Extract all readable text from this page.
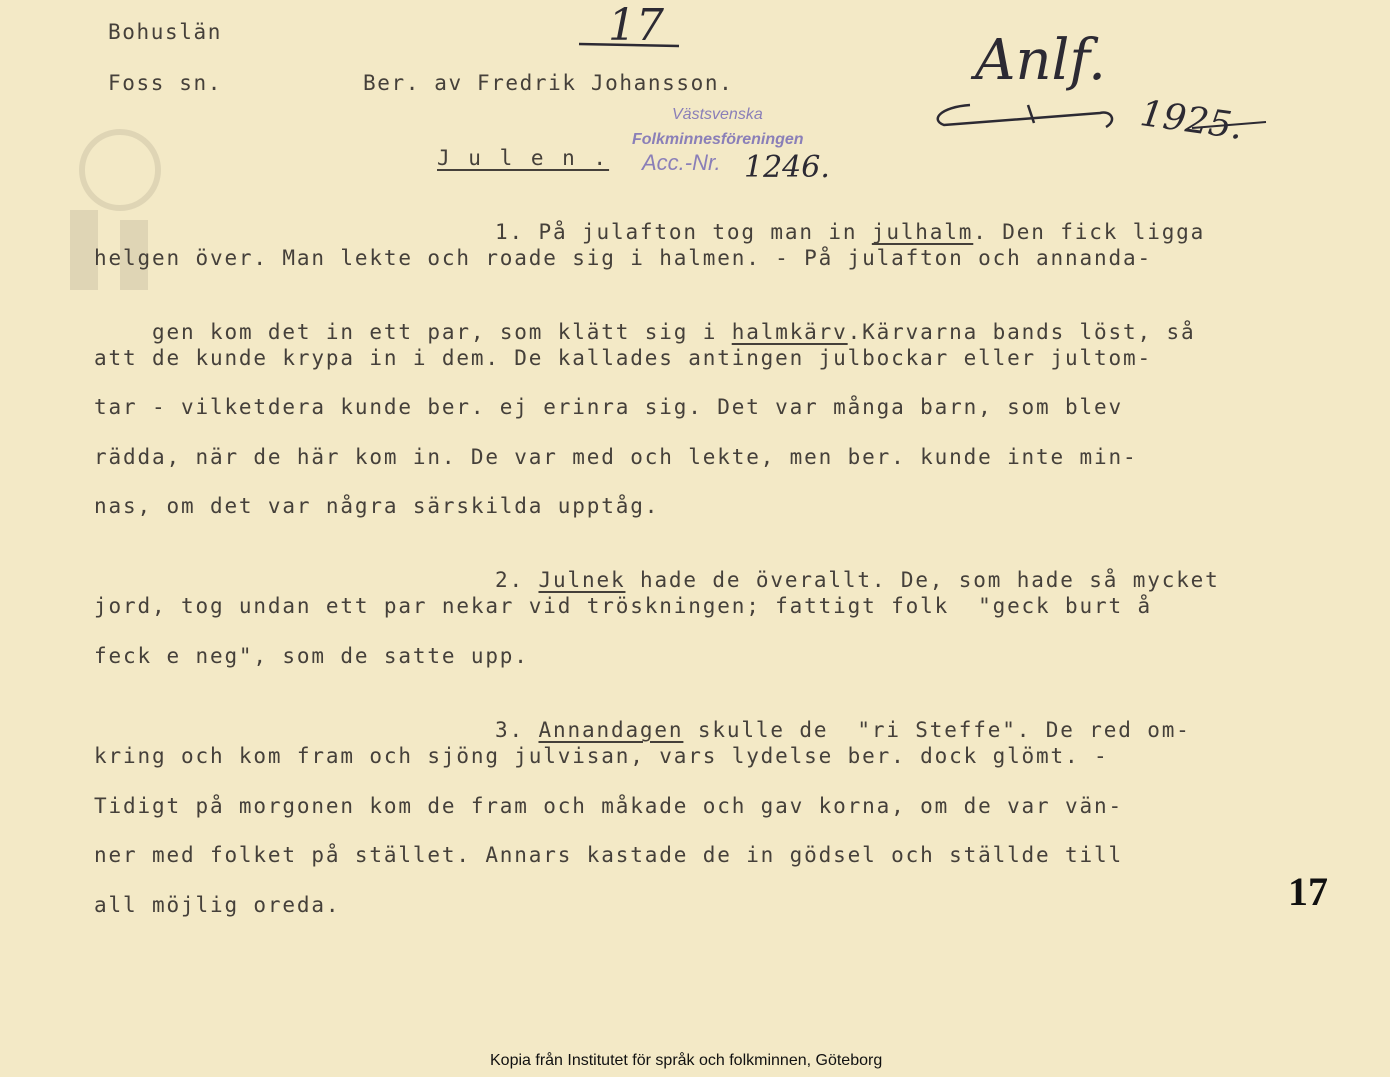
Bohuslän
Foss sn.	Ber. av Fredrik Johansson.
17
Anlf.
1925.
Västsvenska
Folkminnesföreningen
Acc.-Nr. 1246.
J u l e n .

1. På julafton tog man in julhalm. Den fick ligga

helgen över. Man lekte och roade sig i halmen. - På julafton och annanda-

gen kom det in ett par, som klätt sig i halmkärv.Kärvarna bands löst, så

att de kunde krypa in i dem. De kallades antingen julbockar eller jultom-
tar - vilketdera kunde ber. ej erinra sig. Det var många barn, som blev
rädda, när de här kom in. De var med och lekte, men ber. kunde inte min-
nas, om det var några särskilda upptåg.

2. Julnek hade de överallt. De, som hade så mycket

jord, tog undan ett par nekar vid tröskningen; fattigt folk  "geck burt å
feck e neg", som de satte upp.

3. Annandagen skulle de  "ri Steffe". De red om-

kring och kom fram och sjöng julvisan, vars lydelse ber. dock glömt. -
Tidigt på morgonen kom de fram och måkade och gav korna, om de var vän-
ner med folket på stället. Annars kastade de in gödsel och ställde till
all möjlig oreda.	17
Kopia från Institutet för språk och folkminnen, Göteborg
